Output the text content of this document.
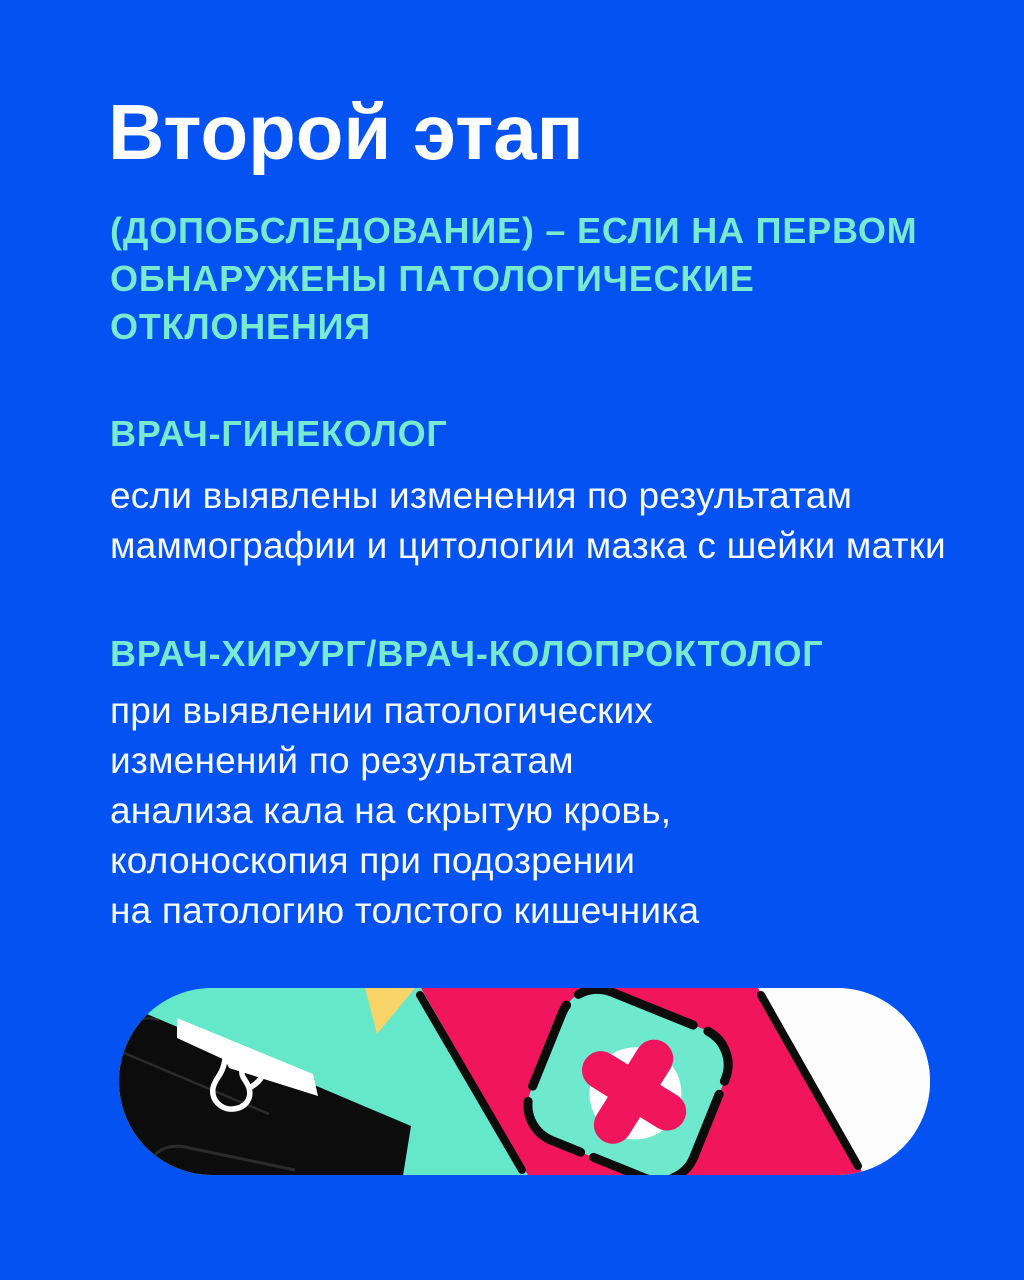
Второй этап
(ДОПОБСЛЕДОВАНИЕ) – ЕСЛИ НА ПЕРВОМ
ОБНАРУЖЕНЫ ПАТОЛОГИЧЕСКИЕ
ОТКЛОНЕНИЯ
ВРАЧ-ГИНЕКОЛОГ
если выявлены изменения по результатам
маммографии и цитологии мазка с шейки матки
ВРАЧ-ХИРУРГ/ВРАЧ-КОЛОПРОКТОЛОГ
при выявлении патологических
изменений по результатам
анализа кала на скрытую кровь,
колоноскопия при подозрении
на патологию толстого кишечника
